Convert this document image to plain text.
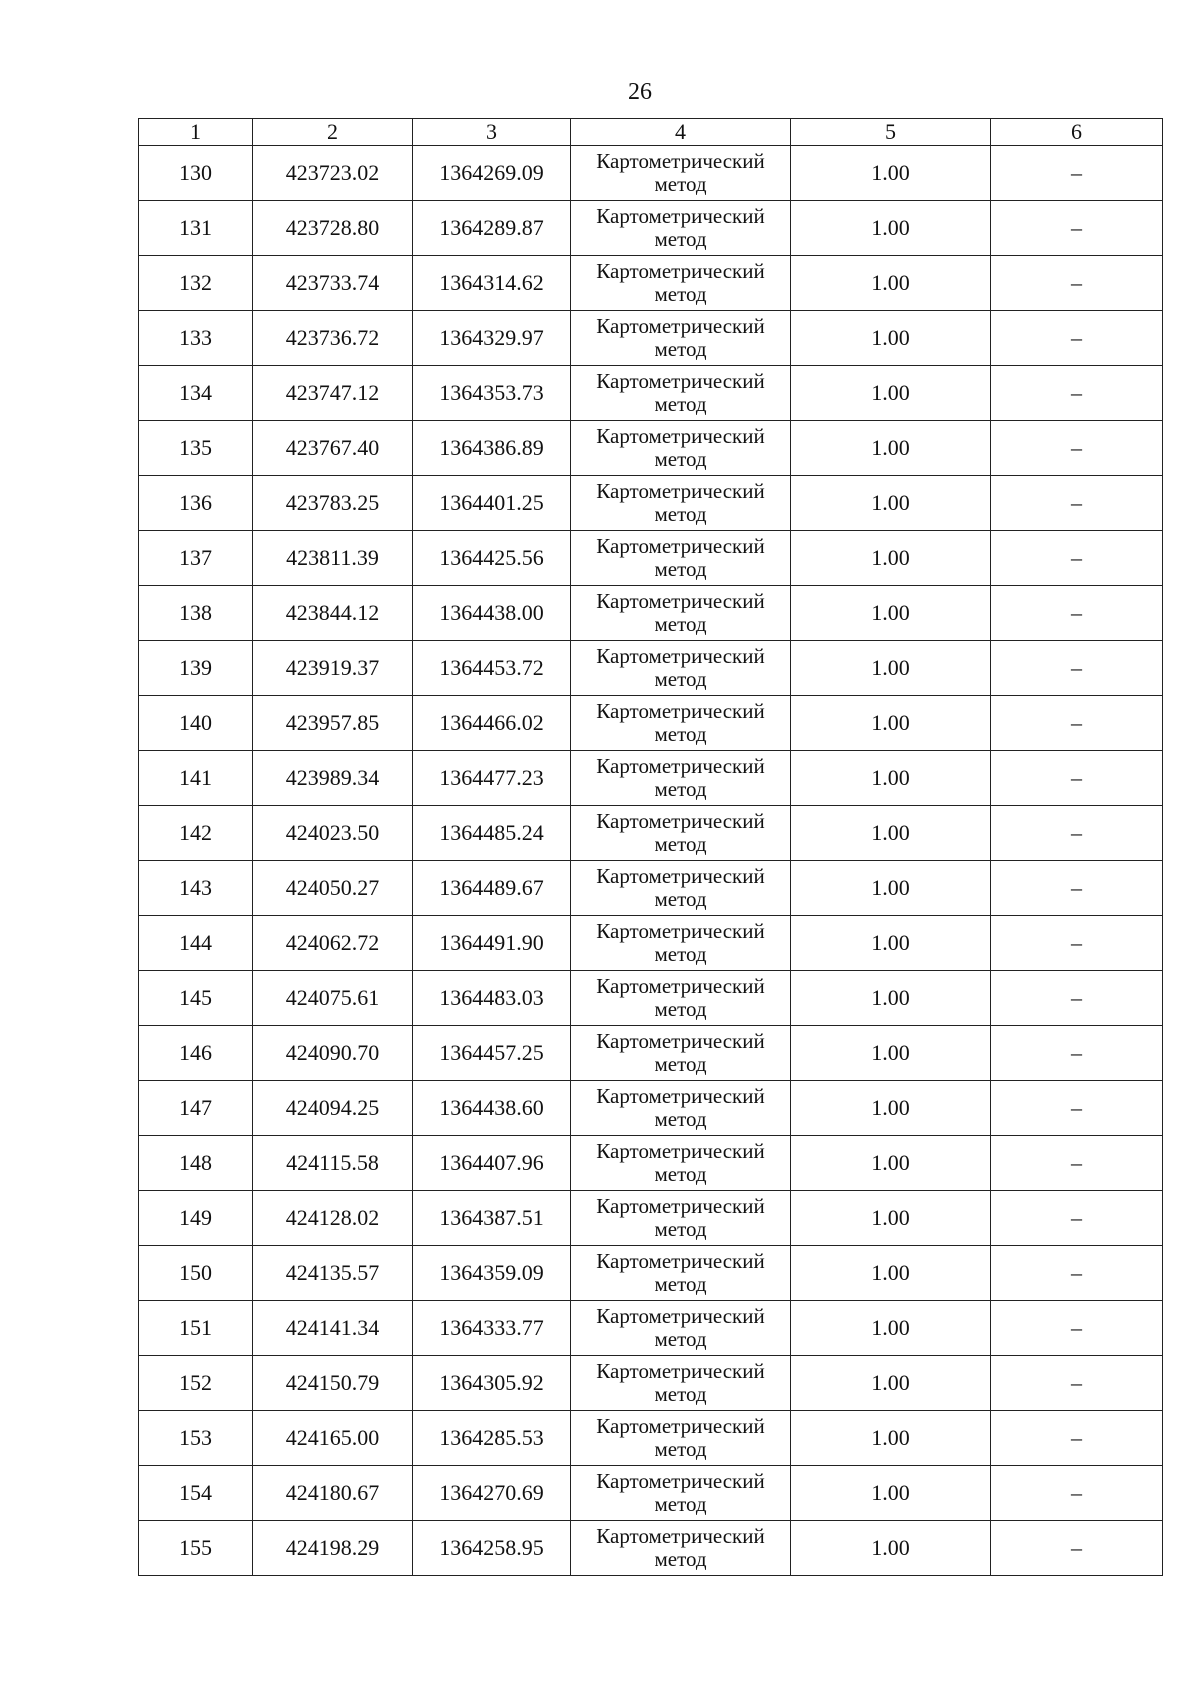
26
1	2	3	4	5	6
130	423723.02	1364269.09	Картометрический метод	1.00	–
131	423728.80	1364289.87	Картометрический метод	1.00	–
132	423733.74	1364314.62	Картометрический метод	1.00	–
133	423736.72	1364329.97	Картометрический метод	1.00	–
134	423747.12	1364353.73	Картометрический метод	1.00	–
135	423767.40	1364386.89	Картометрический метод	1.00	–
136	423783.25	1364401.25	Картометрический метод	1.00	–
137	423811.39	1364425.56	Картометрический метод	1.00	–
138	423844.12	1364438.00	Картометрический метод	1.00	–
139	423919.37	1364453.72	Картометрический метод	1.00	–
140	423957.85	1364466.02	Картометрический метод	1.00	–
141	423989.34	1364477.23	Картометрический метод	1.00	–
142	424023.50	1364485.24	Картометрический метод	1.00	–
143	424050.27	1364489.67	Картометрический метод	1.00	–
144	424062.72	1364491.90	Картометрический метод	1.00	–
145	424075.61	1364483.03	Картометрический метод	1.00	–
146	424090.70	1364457.25	Картометрический метод	1.00	–
147	424094.25	1364438.60	Картометрический метод	1.00	–
148	424115.58	1364407.96	Картометрический метод	1.00	–
149	424128.02	1364387.51	Картометрический метод	1.00	–
150	424135.57	1364359.09	Картометрический метод	1.00	–
151	424141.34	1364333.77	Картометрический метод	1.00	–
152	424150.79	1364305.92	Картометрический метод	1.00	–
153	424165.00	1364285.53	Картометрический метод	1.00	–
154	424180.67	1364270.69	Картометрический метод	1.00	–
155	424198.29	1364258.95	Картометрический метод	1.00	–
